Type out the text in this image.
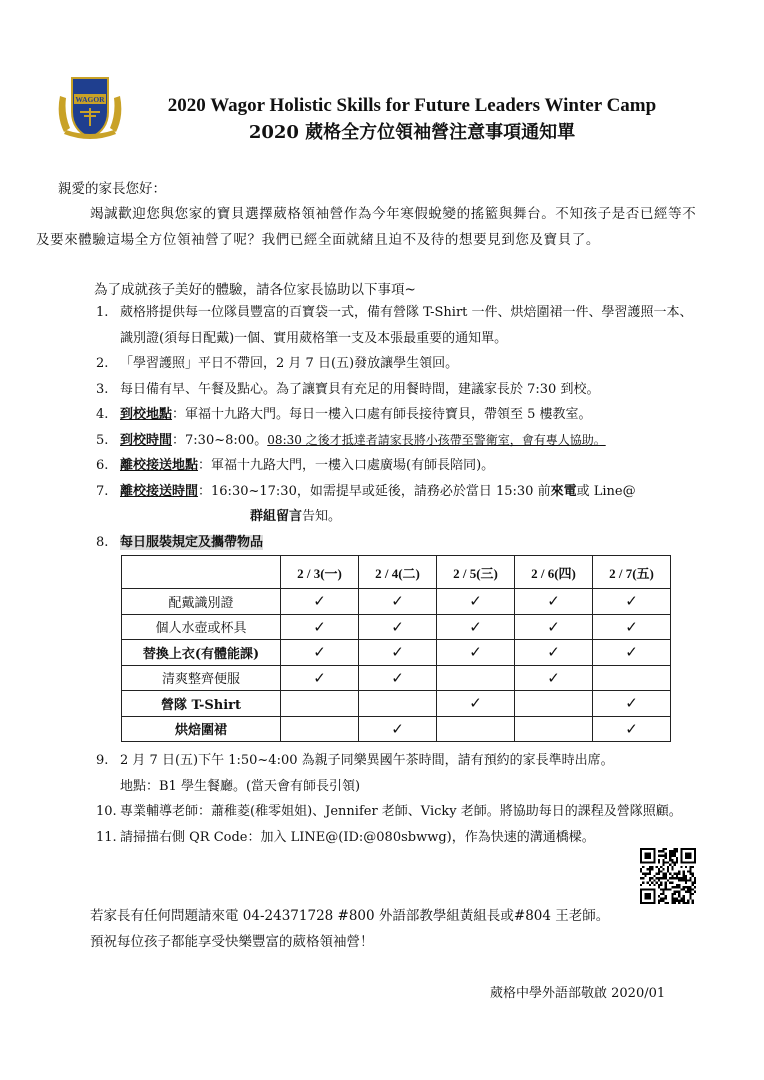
WAGOR	2020 Wagor Holistic Skills for Future Leaders Winter Camp
2020 葳格全方位領袖營注意事項通知單
親愛的家長您好：
竭誠歡迎您與您家的寶貝選擇葳格領袖營作為今年寒假蛻變的搖籃與舞台。不知孩子是否已經等不及要來體驗這場全方位領袖營了呢？我們已經全面就緒且迫不及待的想要見到您及寶貝了。
為了成就孩子美好的體驗，請各位家長協助以下事項~
1. 葳格將提供每一位隊員豐富的百寶袋一式，備有營隊 T-Shirt 一件、烘焙圍裙一件、學習護照一本、識別證(須每日配戴)一個、實用葳格筆一支及本張最重要的通知單。
2. 「學習護照」平日不帶回，2 月 7 日(五)發放讓學生領回。
3. 每日備有早、午餐及點心。為了讓寶貝有充足的用餐時間，建議家長於 7:30 到校。
4. 到校地點：軍福十九路大門。每日一樓入口處有師長接待寶貝，帶領至 5 樓教室。
5. 到校時間：7:30~8:00。08:30 之後才抵達者請家長將小孩帶至警衛室，會有專人協助。
6. 離校接送地點：軍福十九路大門，一樓入口處廣場(有師長陪同)。
7. 離校接送時間：16:30~17:30，如需提早或延後，請務必於當日 15:30 前來電或 Line@
群組留言告知。
8. 每日服裝規定及攜帶物品
	2 / 3(一)	2 / 4(二)	2 / 5(三)	2 / 6(四)	2 / 7(五)
配戴識別證	✓	✓	✓	✓	✓
個人水壺或杯具	✓	✓	✓	✓	✓
替換上衣(有體能課)	✓	✓	✓	✓	✓
清爽整齊便服	✓	✓		✓	
營隊 T-Shirt			✓		✓
烘焙圍裙		✓			✓
9. 2 月 7 日(五)下午 1:50~4:00 為親子同樂異國午茶時間，請有預約的家長準時出席。
地點：B1 學生餐廳。(當天會有師長引領)
10. 專業輔導老師：蕭稚菱(稚零姐姐)、Jennifer 老師、Vicky 老師。將協助每日的課程及營隊照顧。
11. 請掃描右側 QR Code：加入 LINE@(ID:@080sbwwg)，作為快速的溝通橋樑。
若家長有任何問題請來電 04-24371728 #800 外語部教學組黃組長或#804 王老師。
預祝每位孩子都能享受快樂豐富的葳格領袖營！
葳格中學外語部敬啟 2020/01
